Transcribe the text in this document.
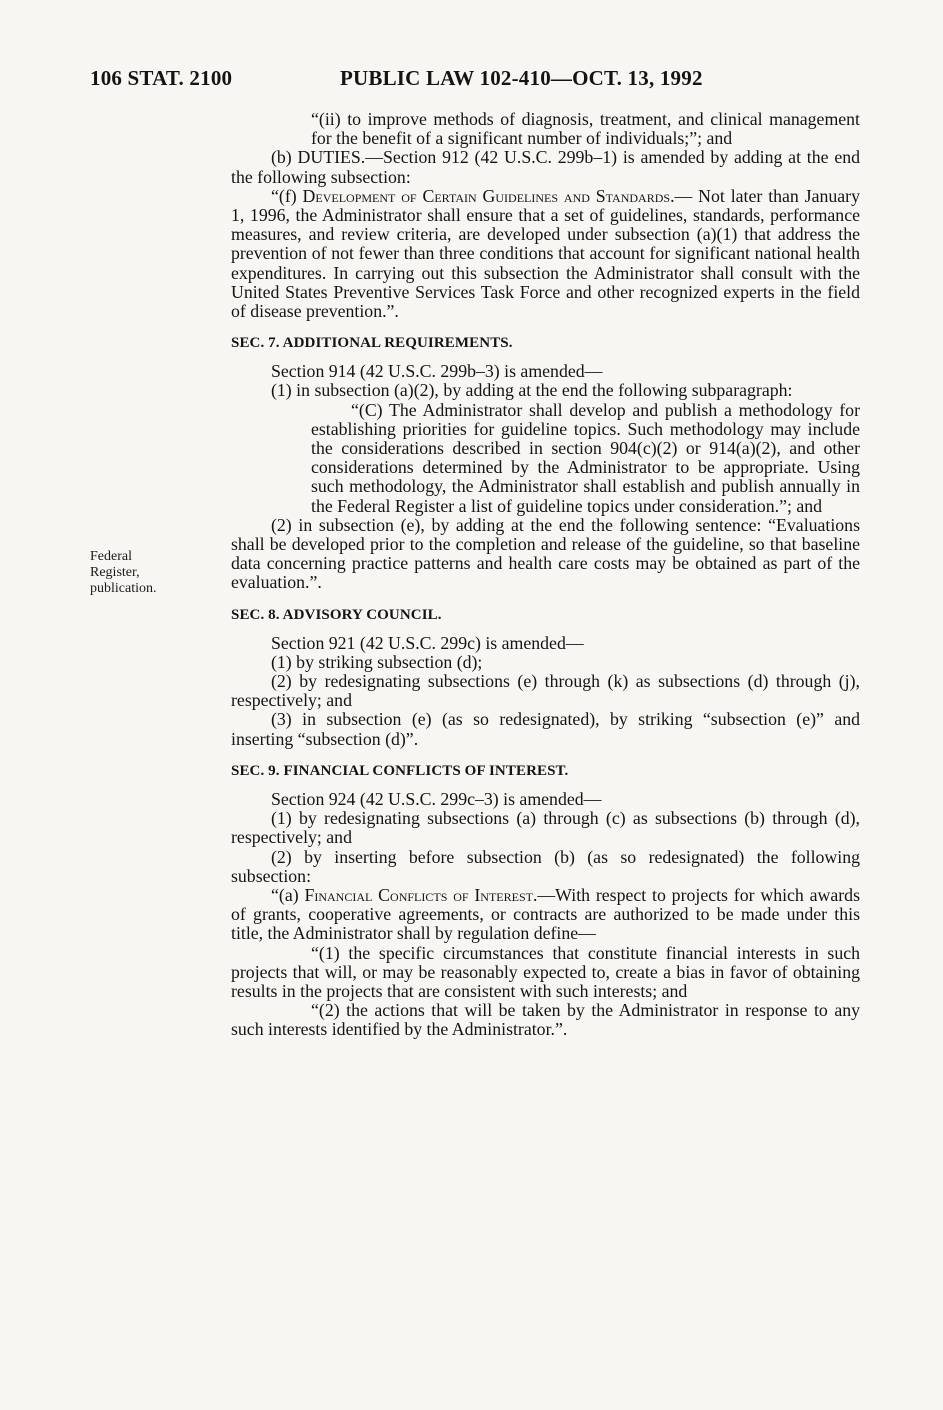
106 STAT. 2100	PUBLIC LAW 102-410—OCT. 13, 1992
Federal
Register,
publication.

“(ii) to improve methods of diagnosis, treatment, and clinical management for the benefit of a significant number of individuals;”; and

(b) DUTIES.—Section 912 (42 U.S.C. 299b–1) is amended by adding at the end the following subsection:

“(f) Development of Certain Guidelines and Standards.— Not later than January 1, 1996, the Administrator shall ensure that a set of guidelines, standards, performance measures, and review criteria, are developed under subsection (a)(1) that address the prevention of not fewer than three conditions that account for significant national health expenditures. In carrying out this subsection the Administrator shall consult with the United States Preventive Services Task Force and other recognized experts in the field of disease prevention.”.

SEC. 7. ADDITIONAL REQUIREMENTS.

Section 914 (42 U.S.C. 299b–3) is amended—

(1) in subsection (a)(2), by adding at the end the following subparagraph:

“(C) The Administrator shall develop and publish a methodology for establishing priorities for guideline topics. Such methodology may include the considerations described in section 904(c)(2) or 914(a)(2), and other considerations determined by the Administrator to be appropriate. Using such methodology, the Administrator shall establish and publish annually in the Federal Register a list of guideline topics under consideration.”; and

(2) in subsection (e), by adding at the end the following sentence: “Evaluations shall be developed prior to the completion and release of the guideline, so that baseline data concerning practice patterns and health care costs may be obtained as part of the evaluation.”.

SEC. 8. ADVISORY COUNCIL.

Section 921 (42 U.S.C. 299c) is amended—

(1) by striking subsection (d);

(2) by redesignating subsections (e) through (k) as subsections (d) through (j), respectively; and

(3) in subsection (e) (as so redesignated), by striking “subsection (e)” and inserting “subsection (d)”.

SEC. 9. FINANCIAL CONFLICTS OF INTEREST.

Section 924 (42 U.S.C. 299c–3) is amended—

(1) by redesignating subsections (a) through (c) as subsections (b) through (d), respectively; and

(2) by inserting before subsection (b) (as so redesignated) the following subsection:

“(a) Financial Conflicts of Interest.—With respect to projects for which awards of grants, cooperative agreements, or contracts are authorized to be made under this title, the Administrator shall by regulation define—

“(1) the specific circumstances that constitute financial interests in such projects that will, or may be reasonably expected to, create a bias in favor of obtaining results in the projects that are consistent with such interests; and

“(2) the actions that will be taken by the Administrator in response to any such interests identified by the Administrator.”.
